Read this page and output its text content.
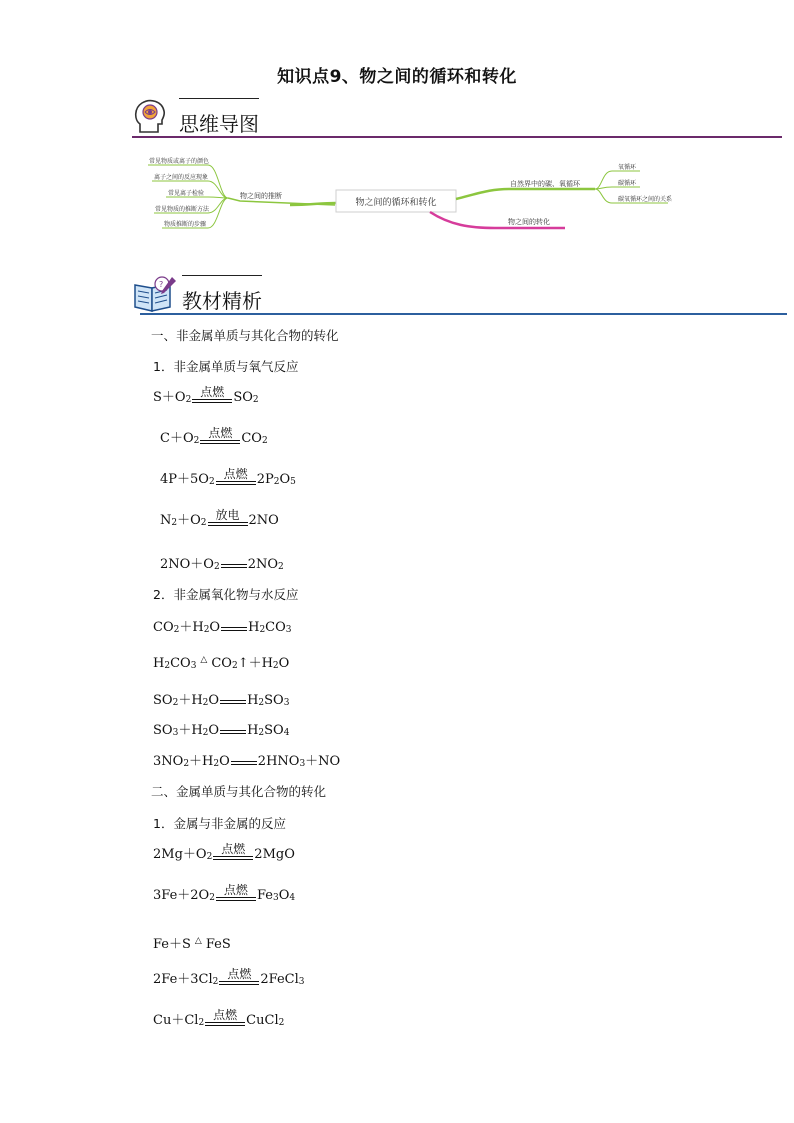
知识点9、物之间的循环和转化
思维导图
常见物质或离子的颜色
离子之间的反应现象
常见离子检验
常见物质的推断方法
物质推断的步骤
物之间的推断
物之间的循环和转化
自然界中的碳、氧循环
氧循环
碳循环
碳氧循环之间的关系
物之间的转化
?
教材精析
一、非金属单质与其化合物的转化
1．非金属单质与氧气反应
$S+O_2$
点燃 SO 2
$C+O_2$
点燃 CO 2
$4P+5O_2$
点燃 2P 2 O 5
N $2 +O_2$
放电 2NO
$2NO+O_2$ 2NO 2
2．非金属氧化物与水反应
CO $2 +H_2$ O H 2 CO 3
H 2 CO 3
△ CO 2 $↑+H_2$ O
SO $2 +H_2$ O H 2 SO 3
SO $3 +H_2$ O H 2 SO 4
3NO $2 +H_2$ O 2HNO 3 ＋NO
二、金属单质与其化合物的转化
1．金属与非金属的反应
$2Mg+O_2$
点燃 2MgO
$3Fe+2O_2$
点燃 Fe 3 O 4
Fe＋S △ FeS
$2Fe+3Cl_2$
点燃 2FeCl 3
$Cu+Cl_2$
点燃 CuCl 2
